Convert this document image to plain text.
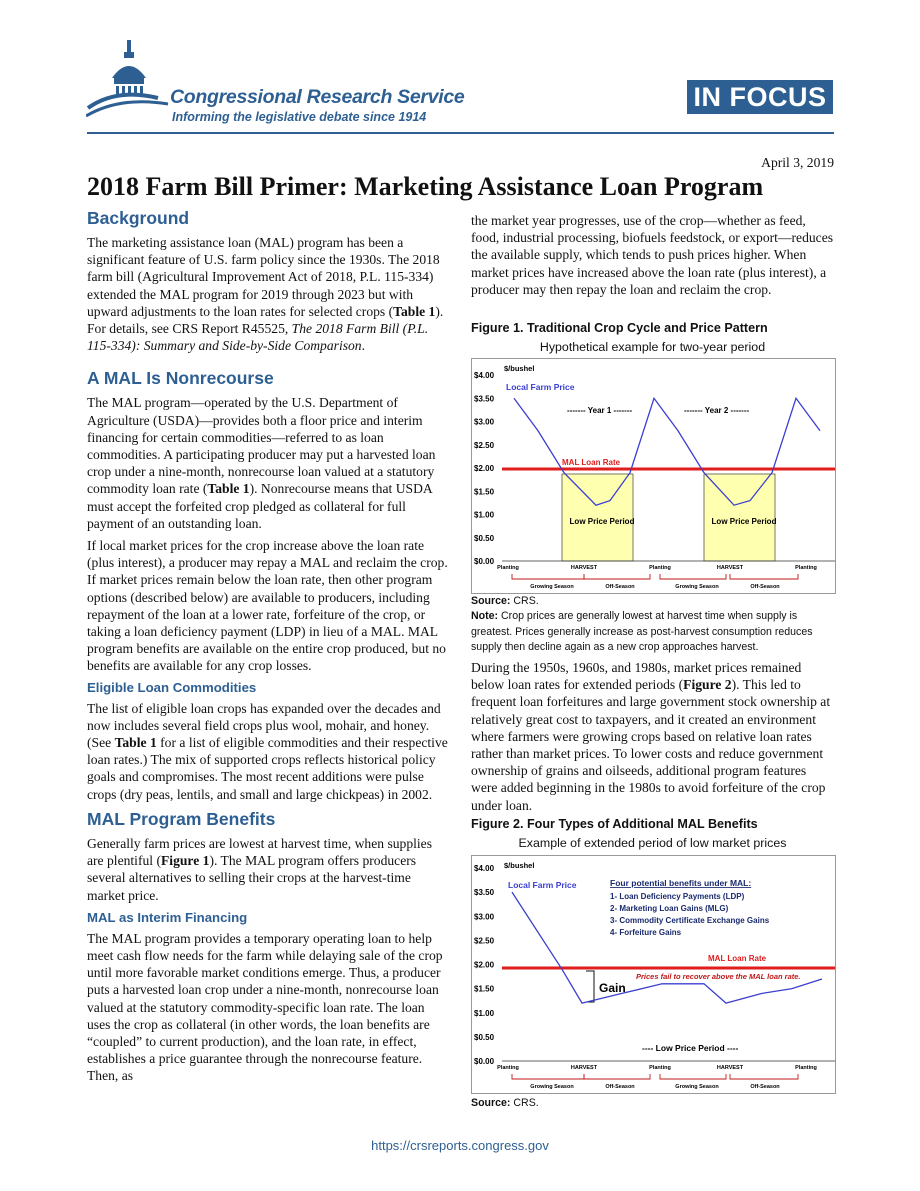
Congressional Research Service
Informing the legislative debate since 1914
IN FOCUS
April 3, 2019
2018 Farm Bill Primer: Marketing Assistance Loan Program
Background

The marketing assistance loan (MAL) program has been a significant feature of U.S. farm policy since the 1930s. The 2018 farm bill (Agricultural Improvement Act of 2018, P.L. 115-334) extended the MAL program for 2019 through 2023 but with upward adjustments to the loan rates for selected crops (Table 1). For details, see CRS Report R45525, The 2018 Farm Bill (P.L. 115-334): Summary and Side-by-Side Comparison.

A MAL Is Nonrecourse

The MAL program—operated by the U.S. Department of Agriculture (USDA)—provides both a floor price and interim financing for certain commodities—referred to as loan commodities. A participating producer may put a harvested loan crop under a nine-month, nonrecourse loan valued at a statutory commodity loan rate (Table 1). Nonrecourse means that USDA must accept the forfeited crop pledged as collateral for full payment of an outstanding loan.

If local market prices for the crop increase above the loan rate (plus interest), a producer may repay a MAL and reclaim the crop. If market prices remain below the loan rate, then other program options (described below) are available to producers, including repayment of the loan at a lower rate, forfeiture of the crop, or taking a loan deficiency payment (LDP) in lieu of a MAL. MAL program benefits are available on the entire crop produced, but no benefits are available for any crop losses.

Eligible Loan Commodities

The list of eligible loan crops has expanded over the decades and now includes several field crops plus wool, mohair, and honey. (See Table 1 for a list of eligible commodities and their respective loan rates.) The mix of supported crops reflects historical policy goals and compromises. The most recent additions were pulse crops (dry peas, lentils, and small and large chickpeas) in 2002.

MAL Program Benefits

Generally farm prices are lowest at harvest time, when supplies are plentiful (Figure 1). The MAL program offers producers several alternatives to selling their crops at the harvest-time market price.

MAL as Interim Financing

The MAL program provides a temporary operating loan to help meet cash flow needs for the farm while delaying sale of the crop until more favorable market conditions emerge. Thus, a producer puts a harvested loan crop under a nine-month, nonrecourse loan valued at the statutory commodity-specific loan rate. The loan uses the crop as collateral (in other words, the loan benefits are “coupled” to current production), and the loan rate, in effect, establishes a price guarantee through the nonrecourse feature. Then, as

the market year progresses, use of the crop—whether as feed, food, industrial processing, biofuels feedstock, or export—reduces the available supply, which tends to push prices higher. When market prices have increased above the loan rate (plus interest), a producer may then repay the loan and reclaim the crop.

Figure 1. Traditional Crop Cycle and Price Pattern
Hypothetical example for two-year period
$/bushel
$4.00
$3.50
$3.00
$2.50
$2.00
$1.50
$1.00
$0.50
$0.00
Low Price Period	Low Price Period
MAL Loan Rate
------- Year 1 -------	------- Year 2 -------
Local Farm Price
Planting	HARVEST	Planting	HARVEST	Planting
Growing Season	Off-Season	Growing Season	Off-Season
Source: CRS.
Note: Crop prices are generally lowest at harvest time when supply is greatest. Prices generally increase as post-harvest consumption reduces supply then decline again as a new crop approaches harvest.

During the 1950s, 1960s, and 1980s, market prices remained below loan rates for extended periods (Figure 2). This led to frequent loan forfeitures and large government stock ownership at relatively great cost to taxpayers, and it created an environment where farmers were growing crops based on relative loan rates rather than market prices. To lower costs and reduce government ownership of grains and oilseeds, additional program features were added beginning in the 1980s to avoid forfeiture of the crop under loan.

Figure 2. Four Types of Additional MAL Benefits
Example of extended period of low market prices
$/bushel
$4.00
$3.50
$3.00
$2.50
$2.00
$1.50
$1.00
$0.50
$0.00
Local Farm Price	Four potential benefits under MAL:
1- Loan Deficiency Payments (LDP)
2- Marketing Loan Gains (MLG)
3- Commodity Certificate Exchange Gains
4- Forfeiture Gains
MAL Loan Rate
Prices fail to recover above the MAL loan rate.
Gain
---- Low Price Period ----
Planting	HARVEST	Planting	HARVEST	Planting
Growing Season	Off-Season	Growing Season	Off-Season
Source: CRS.
https://crsreports.congress.gov
